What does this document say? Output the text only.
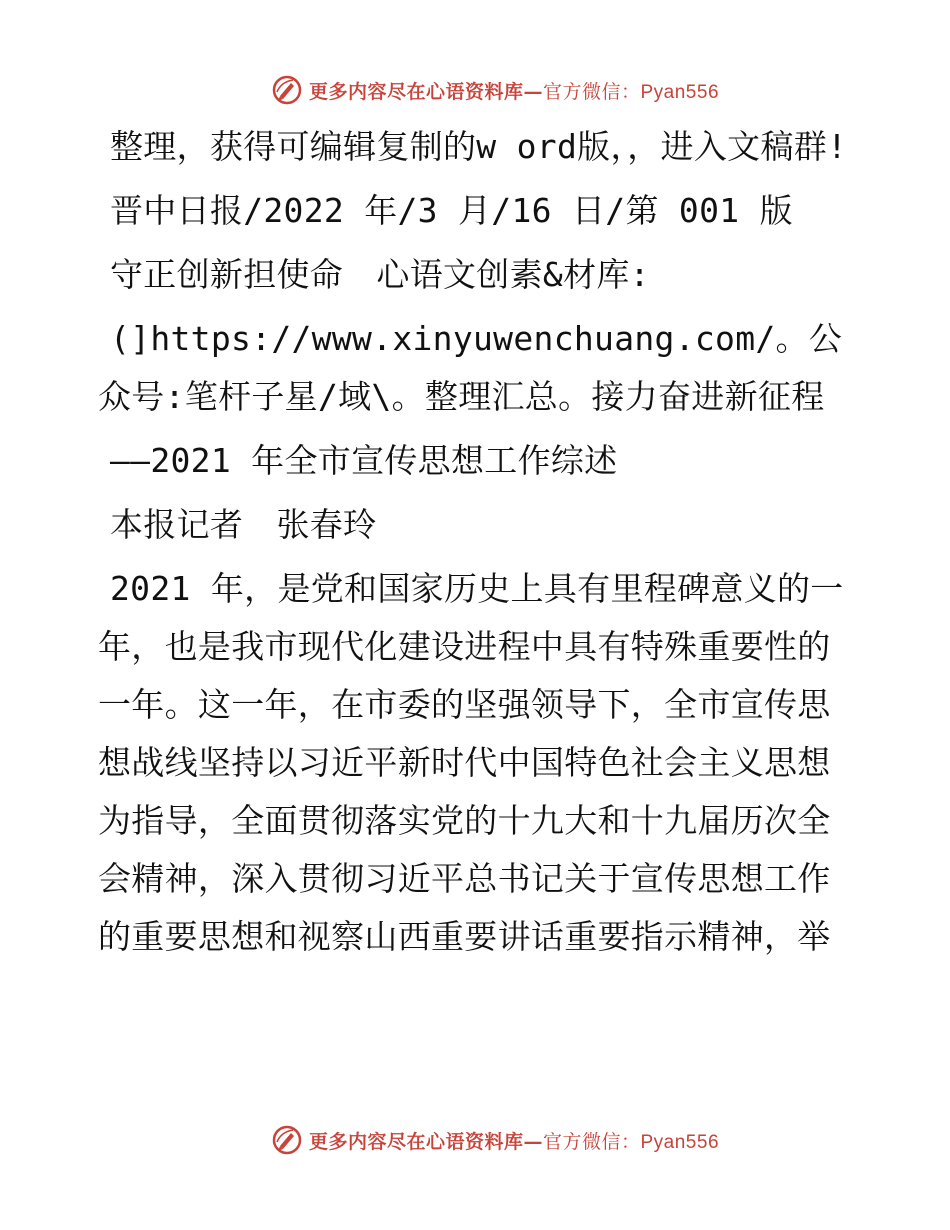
更多内容尽在心语资料库—官方微信：Pyan556

整理，获得可编辑复制的w ord版，，进入文稿群!

晋中日报/2022 年/3 月/16 日/第 001 版

守正创新担使命　心语文创素&材库:

(]https://www.xinyuwenchuang.com/。公众号:笔杆子星/域\。整理汇总。接力奋进新征程

——2021 年全市宣传思想工作综述

本报记者　张春玲

2021 年，是党和国家历史上具有里程碑意义的一年，也是我市现代化建设进程中具有特殊重要性的一年。这一年，在市委的坚强领导下，全市宣传思想战线坚持以习近平新时代中国特色社会主义思想为指导，全面贯彻落实党的十九大和十九届历次全会精神，深入贯彻习近平总书记关于宣传思想工作的重要思想和视察山西重要讲话重要指示精神，举

更多内容尽在心语资料库—官方微信：Pyan556
